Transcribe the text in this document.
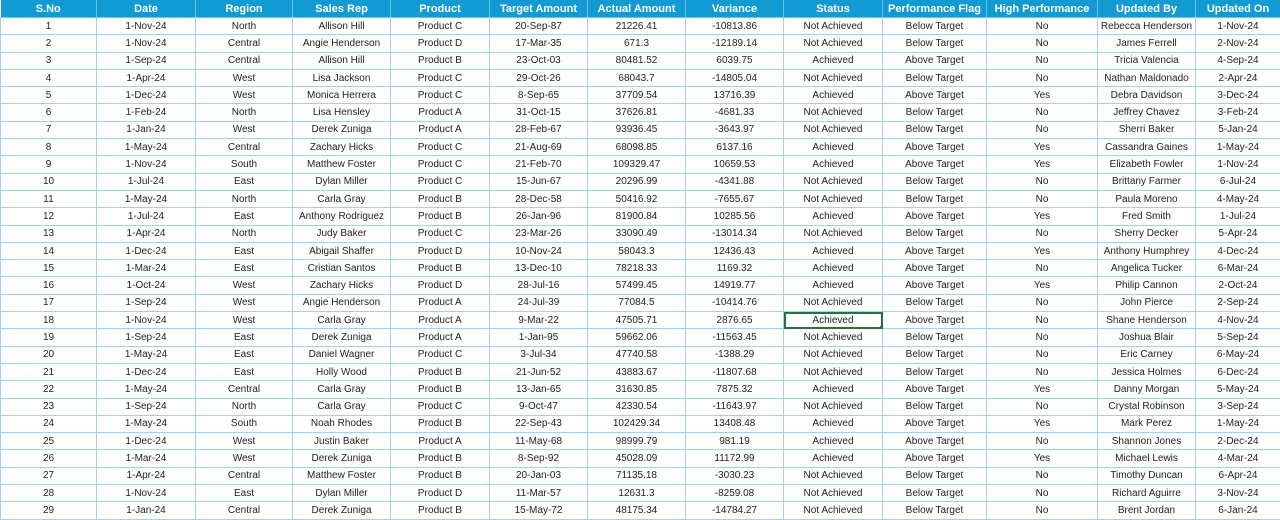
S.No	Date	Region	Sales Rep	Product	Target Amount	Actual Amount	Variance	Status	Performance Flag	High Performance	Updated By	Updated On
1	1-Nov-24	North	Allison Hill	Product C	20-Sep-87	21226.41	-10813.86	Not Achieved	Below Target	No	Rebecca Henderson	1-Nov-24
2	1-Nov-24	Central	Angie Henderson	Product D	17-Mar-35	671.3	-12189.14	Not Achieved	Below Target	No	James Ferrell	2-Nov-24
3	1-Sep-24	Central	Allison Hill	Product B	23-Oct-03	80481.52	6039.75	Achieved	Above Target	No	Tricia Valencia	4-Sep-24
4	1-Apr-24	West	Lisa Jackson	Product C	29-Oct-26	68043.7	-14805.04	Not Achieved	Below Target	No	Nathan Maldonado	2-Apr-24
5	1-Dec-24	West	Monica Herrera	Product C	8-Sep-65	37709.54	13716.39	Achieved	Above Target	Yes	Debra Davidson	3-Dec-24
6	1-Feb-24	North	Lisa Hensley	Product A	31-Oct-15	37626.81	-4681.33	Not Achieved	Below Target	No	Jeffrey Chavez	3-Feb-24
7	1-Jan-24	West	Derek Zuniga	Product A	28-Feb-67	93936.45	-3643.97	Not Achieved	Below Target	No	Sherri Baker	5-Jan-24
8	1-May-24	Central	Zachary Hicks	Product C	21-Aug-69	68098.85	6137.16	Achieved	Above Target	Yes	Cassandra Gaines	1-May-24
9	1-Nov-24	South	Matthew Foster	Product C	21-Feb-70	109329.47	10659.53	Achieved	Above Target	Yes	Elizabeth Fowler	1-Nov-24
10	1-Jul-24	East	Dylan Miller	Product C	15-Jun-67	20296.99	-4341.88	Not Achieved	Below Target	No	Brittany Farmer	6-Jul-24
11	1-May-24	North	Carla Gray	Product B	28-Dec-58	50416.92	-7655.67	Not Achieved	Below Target	No	Paula Moreno	4-May-24
12	1-Jul-24	East	Anthony Rodriguez	Product B	26-Jan-96	81900.84	10285.56	Achieved	Above Target	Yes	Fred Smith	1-Jul-24
13	1-Apr-24	North	Judy Baker	Product C	23-Mar-26	33090.49	-13014.34	Not Achieved	Below Target	No	Sherry Decker	5-Apr-24
14	1-Dec-24	East	Abigail Shaffer	Product D	10-Nov-24	58043.3	12436.43	Achieved	Above Target	Yes	Anthony Humphrey	4-Dec-24
15	1-Mar-24	East	Cristian Santos	Product B	13-Dec-10	78218.33	1169.32	Achieved	Above Target	No	Angelica Tucker	6-Mar-24
16	1-Oct-24	West	Zachary Hicks	Product D	28-Jul-16	57499.45	14919.77	Achieved	Above Target	Yes	Philip Cannon	2-Oct-24
17	1-Sep-24	West	Angie Henderson	Product A	24-Jul-39	77084.5	-10414.76	Not Achieved	Below Target	No	John Pierce	2-Sep-24
18	1-Nov-24	West	Carla Gray	Product A	9-Mar-22	47505.71	2876.65	Achieved	Above Target	No	Shane Henderson	4-Nov-24
19	1-Sep-24	East	Derek Zuniga	Product A	1-Jan-95	59662.06	-11563.45	Not Achieved	Below Target	No	Joshua Blair	5-Sep-24
20	1-May-24	East	Daniel Wagner	Product C	3-Jul-34	47740.58	-1388.29	Not Achieved	Below Target	No	Eric Carney	6-May-24
21	1-Dec-24	East	Holly Wood	Product B	21-Jun-52	43883.67	-11807.68	Not Achieved	Below Target	No	Jessica Holmes	6-Dec-24
22	1-May-24	Central	Carla Gray	Product B	13-Jan-65	31630.85	7875.32	Achieved	Above Target	Yes	Danny Morgan	5-May-24
23	1-Sep-24	North	Carla Gray	Product C	9-Oct-47	42330.54	-11643.97	Not Achieved	Below Target	No	Crystal Robinson	3-Sep-24
24	1-May-24	South	Noah Rhodes	Product B	22-Sep-43	102429.34	13408.48	Achieved	Above Target	Yes	Mark Perez	1-May-24
25	1-Dec-24	West	Justin Baker	Product A	11-May-68	98999.79	981.19	Achieved	Above Target	No	Shannon Jones	2-Dec-24
26	1-Mar-24	West	Derek Zuniga	Product B	8-Sep-92	45028.09	11172.99	Achieved	Above Target	Yes	Michael Lewis	4-Mar-24
27	1-Apr-24	Central	Matthew Foster	Product B	20-Jan-03	71135.18	-3030.23	Not Achieved	Below Target	No	Timothy Duncan	6-Apr-24
28	1-Nov-24	East	Dylan Miller	Product D	11-Mar-57	12631.3	-8259.08	Not Achieved	Below Target	No	Richard Aguirre	3-Nov-24
29	1-Jan-24	Central	Derek Zuniga	Product B	15-May-72	48175.34	-14784.27	Not Achieved	Below Target	No	Brent Jordan	6-Jan-24
